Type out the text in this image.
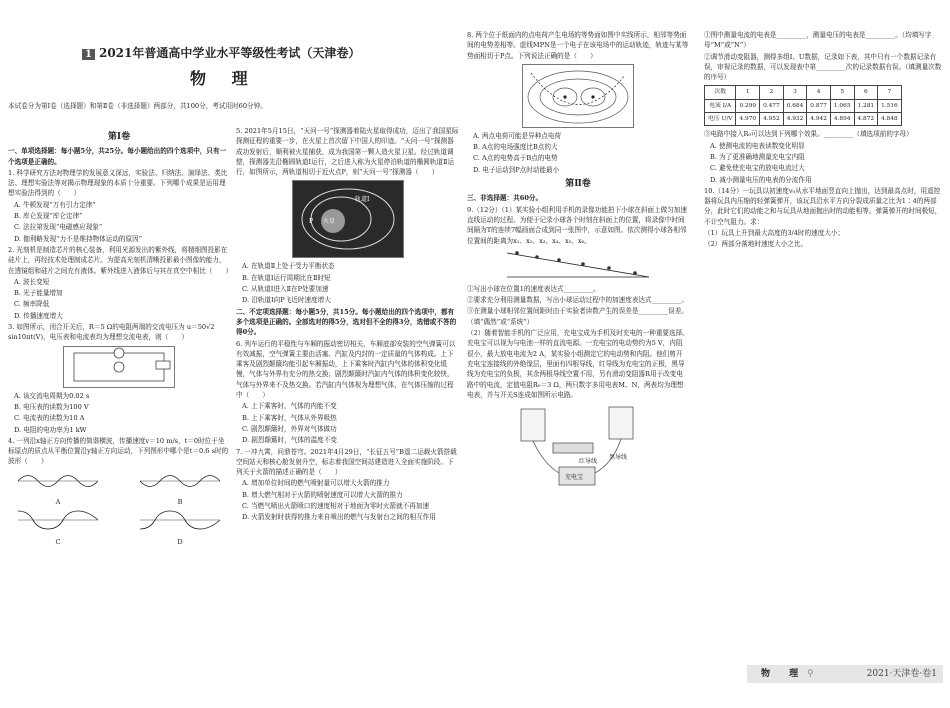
1 2021年普通高中学业水平等级性考试（天津卷）
物 理
本试卷分为第Ⅰ卷（选择题）和第Ⅱ卷（非选择题）两部分，共100分，考试用时60分钟。
第Ⅰ卷

一、单项选择题：每小题5分，共25分。每小题给出的四个选项中，只有一个选项是正确的。

1. 科学研究方法对物理学的发展意义深远，实验法、归纳法、演绎法、类比法、理想实验法等对揭示物理现象的本质十分重要。下列哪个成果是运用理想实验法得到的（　　）

A. 牛顿发现“万有引力定律”

B. 库仑发现“库仑定律”

C. 法拉第发现“电磁感应现象”

D. 伽利略发现“力不是维持物体运动的原因”

2. 光刻机是制造芯片的核心装备，利用光源发出的紫外线，将精细图投影在硅片上，再经技术处理制成芯片。为提高光刻机清晰投影最小图像的能力，在透镜组和硅片之间充有液体。紫外线进入液体后与其在真空中相比（　　）

A. 波长变短

B. 光子能量增加

C. 频率降低

D. 传播速度增大

3. 如图所示，闭合开关后，R＝5 Ω的电阻两端的交流电压为 u＝50√2 sin10πt(V)，电压表和电流表均为理想交流电表，则（　　）

A. 该交流电周期为0.02 s

B. 电压表的读数为100 V

C. 电流表的读数为10 A

D. 电阻的电功率为1 kW

4. 一列沿x轴正方向传播的简谐横波，传播速度v＝10 m/s，t＝0时位于坐标原点的质点从平衡位置沿y轴正方向运动，下列图形中哪个是t＝0.6 s时的波形（　　）

A	B
C	D

5. 2021年5月15日，“天问一号”探测器着陆火星取得成功，迈出了我国星际探测征程的重要一步，在火星上首次留下中国人的印迹。“天问一号”探测器成功发射后，顺利被火星捕获，成为我国第一颗人造火星卫星。经过轨道调整，探测器先沿椭圆轨道Ⅰ运行，之后进入称为火星停泊轨道的椭圆轨道Ⅱ运行，如图所示，两轨道相切于近火点P，则“天问一号”探测器（　　）

轨道Ⅰ
火星
P

A. 在轨道Ⅱ上处于受力平衡状态

B. 在轨道Ⅰ运行周期比在Ⅱ时短

C. 从轨道Ⅰ进入Ⅱ在P处要加速

D. 沿轨道Ⅰ向P飞近时速度增大

二、不定项选择题：每小题5分，共15分。每小题给出的四个选项中，都有多个选项是正确的。全部选对的得5分，选对但不全的得3分，选错或不答的得0分。

6. 列车运行的平稳性与车厢的振动密切相关，车厢底部安装的空气弹簧可以有效减振，空气弹簧主要由活塞、汽缸及内封的一定质量的气体构成。上下乘客及剧烈颠簸均能引起车厢振动，上下乘客时汽缸内气体的体积变化缓慢，气体与外界有充分的热交换；剧烈颠簸时汽缸内气体的体积变化较快，气体与外界来不及热交换。若汽缸内气体视为理想气体，在气体压缩的过程中（　　）

A. 上下乘客时，气体的内能不变

B. 上下乘客时，气体从外界吸热

C. 剧烈颠簸时，外界对气体做功

D. 剧烈颠簸时，气体的温度不变

7. 一冲九霄，问鼎苍穹。2021年4月29日，“长征五号”B遥二运载火箭搭载空间站天和核心舱发射升空，标志着我国空间站建造进入全面实施阶段。下列关于火箭的描述正确的是（　　）

A. 增加单位时间的燃气喷射量可以增大火箭的推力

B. 增大燃气相对于火箭的喷射速度可以增大火箭的推力

C. 当燃气喷出火箭喷口的速度相对于地面为零时火箭就不再加速

D. 火箭发射时获得的推力来自喷出的燃气与发射台之间的相互作用

8. 两个位于纸面内的点电荷产生电场的等势面如图中实线所示，相邻等势面间的电势差相等。虚线MPN是一个电子在该电场中的运动轨迹，轨迹与某等势面相切于P点。下列说法正确的是（　　）

A. 两点电荷可能是异种点电荷

B. A点的电场强度比B点的大

C. A点的电势高于B点的电势

D. 电子运动到P点时动能最小

第Ⅱ卷

三、非选择题：共60分。

9.（12分）（1）某实验小组利用手机的录像功能拍下小球在斜面上做匀加速直线运动的过程。为便于记录小球各个时刻在斜面上的位置，将录像中时间间隔为T的连续7幅画面合成到同一张图中，示意如图。依次测得小球各相邻位置间的距离为x₁、x₂、x₃、x₄、x₅、x₆。

①写出小球在位置1的速度表达式_________。

②要求充分利用测量数据，写出小球运动过程中的加速度表达式_________。

③在测量小球相邻位置间距时由于实验者读数产生的误差是_________误差。（填“偶然”或“系统”）

（2）随着智能手机的广泛应用，充电宝成为手机及时充电的一种重要选择。充电宝可以视为与电池一样的直流电源。一充电宝的电动势约为5 V，内阻很小，最大放电电流为2 A，某实验小组测定它的电动势和内阻。他们剪开充电宝连接线的外绝缘层，里面有四根导线，红导线为充电宝的正极，黑导线为充电宝的负极，其余两根导线空置不用，另有滑动变阻器R用于改变电路中的电流，定值电阻R₀＝3 Ω，两只数字多用电表M、N，两表均为理想电表，并与开关S连成如图所示电路。

黑导线
红导线
充电宝

①图中测量电流的电表是_________，测量电压的电表是_________。（均填写字母“M”或“N”）

②调节滑动变阻器，测得多组I、U数据，记录如下表，其中只有一个数据记录有误，审视记录的数据，可以发现表中第_________次的记录数据有误。（填测量次数的序号）

次数	1	2	3	4	5	6	7
电流 I/A	0.299	0.477	0.684	0.877	1.065	1.281	1.516
电压 U/V	4.970	4.952	4.932	4.942	4.894	4.872	4.848

③电路中接入R₀可以达到下列哪个效果。_________（填选项前的字母）

A. 使测电流的电表读数变化明显

B. 为了更准确地测量充电宝内阻

C. 避免使充电宝的放电电流过大

D. 减小测量电压的电表的分流作用

10.（14分）一玩具以初速度v₀从水平地面竖直向上抛出，达到最高点时，用遥控器将玩具内压缩的轻弹簧弹开，该玩具沿水平方向分裂成质量之比为1∶4的两部分，此时它们的动能之和与玩具从地面抛出时的动能相等。弹簧弹开的时间极短，不计空气阻力。求：

（1）玩具上升到最大高度的3/4时的速度大小；

（2）两部分落地时速度大小之比。

物 理 ⚲	2021·天津卷·卷1
